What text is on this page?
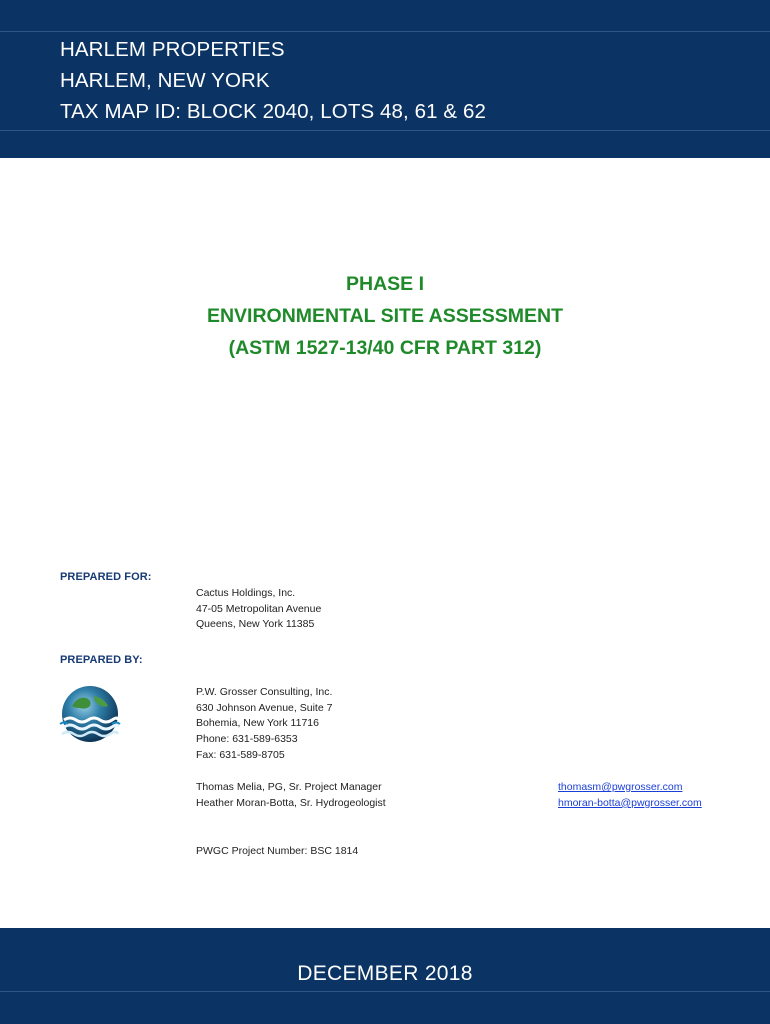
HARLEM PROPERTIES
HARLEM, NEW YORK
TAX MAP ID: BLOCK 2040, LOTS 48, 61 & 62
PHASE I
ENVIRONMENTAL SITE ASSESSMENT
(ASTM 1527-13/40 CFR PART 312)
PREPARED FOR:
Cactus Holdings, Inc.
47-05 Metropolitan Avenue
Queens, New York 11385
PREPARED BY:
P.W. Grosser Consulting, Inc.
630 Johnson Avenue, Suite 7
Bohemia, New York 11716
Phone: 631-589-6353
Fax: 631-589-8705
Thomas Melia, PG, Sr. Project Manager
Heather Moran-Botta, Sr. Hydrogeologist
thomasm@pwgrosser.com
hmoran-botta@pwgrosser.com
PWGC Project Number: BSC 1814
DECEMBER 2018
